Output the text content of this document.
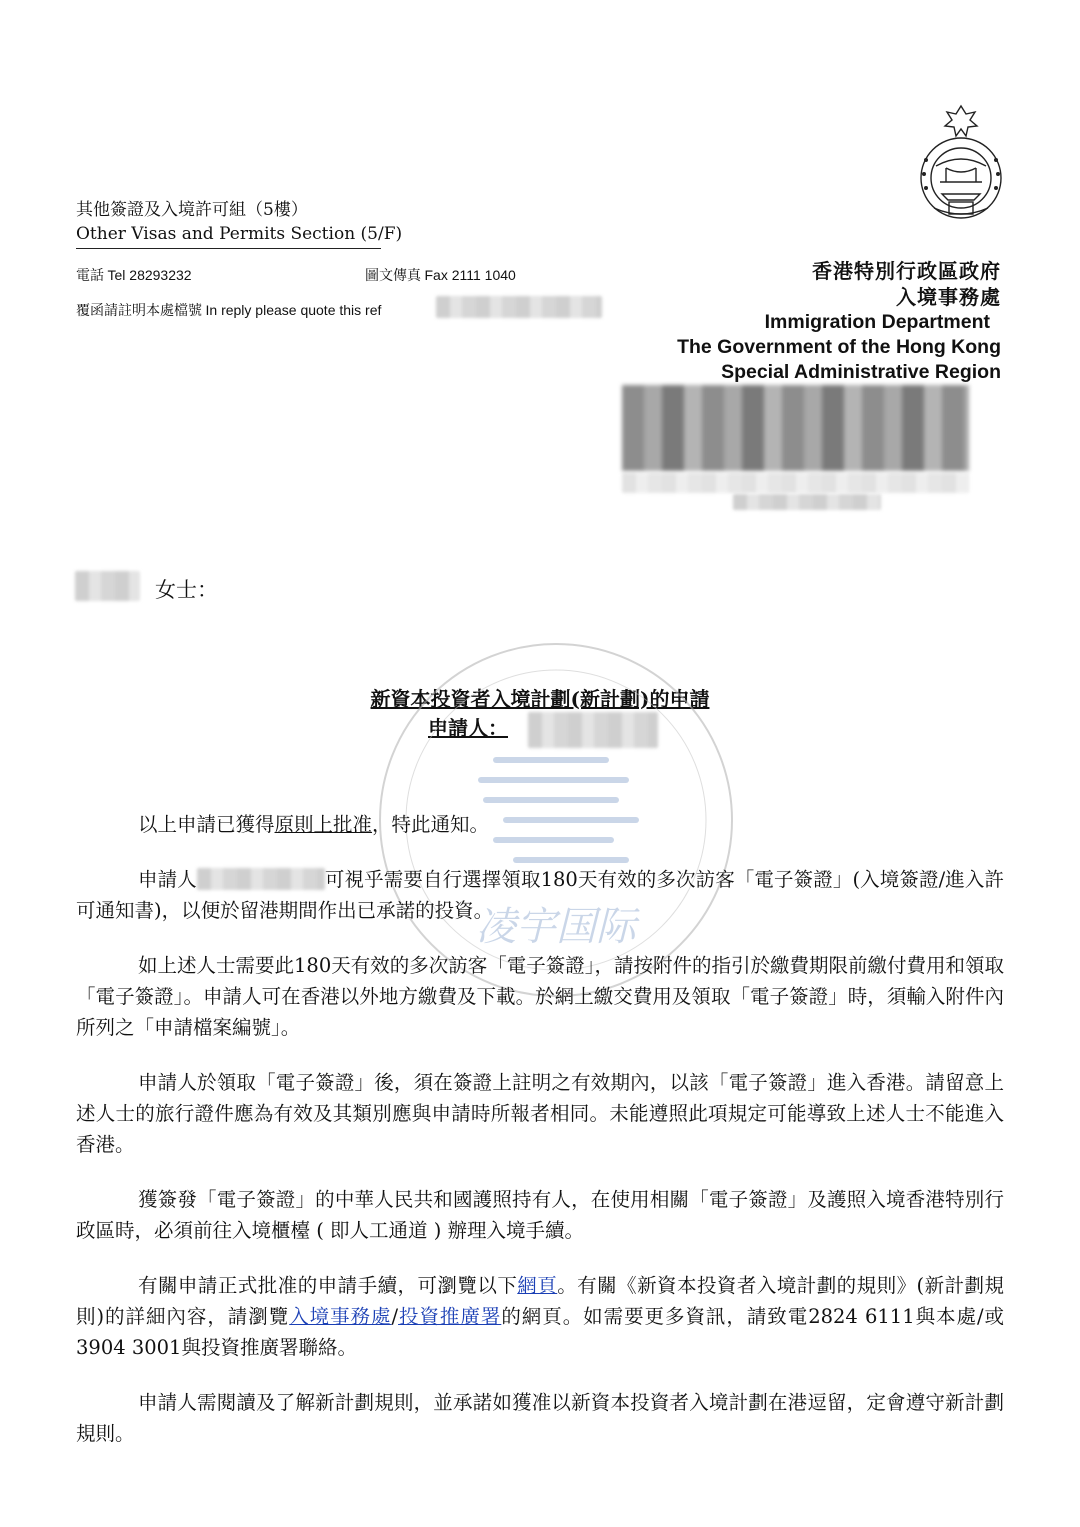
其他簽證及入境許可組（5樓）
Other Visas and Permits Section (5/F)
電話 Tel 28293232	圖文傳真 Fax 2111 1040
覆函請註明本處檔號 In reply please quote this ref
香港特別行政區政府
入境事務處
Immigration Department
The Government of the Hong Kong
Special Administrative Region
女士：
新資本投資者入境計劃(新計劃)的申請
申請人：
凌宇国际

以上申請已獲得原則上批准，特此通知。

申請人	可視乎需要自行選擇領取180天有效的多次訪客「電子簽證」(入境簽證/進入許可通知書)，以便於留港期間作出已承諾的投資。

如上述人士需要此180天有效的多次訪客「電子簽證」，請按附件的指引於繳費期限前繳付費用和領取「電子簽證」。申請人可在香港以外地方繳費及下載。於網上繳交費用及領取「電子簽證」時，須輸入附件內所列之「申請檔案編號」。

申請人於領取「電子簽證」後，須在簽證上註明之有效期內，以該「電子簽證」進入香港。請留意上述人士的旅行證件應為有效及其類別應與申請時所報者相同。未能遵照此項規定可能導致上述人士不能進入香港。

獲簽發「電子簽證」的中華人民共和國護照持有人，在使用相關「電子簽證」及護照入境香港特別行政區時，必須前往入境櫃檯 ( 即人工通道 ) 辦理入境手續。

有關申請正式批准的申請手續，可瀏覽以下網頁。有關《新資本投資者入境計劃的規則》(新計劃規則)的詳細內容，請瀏覽入境事務處/投資推廣署的網頁。如需要更多資訊，請致電2824 6111與本處/或3904 3001與投資推廣署聯絡。

申請人需閱讀及了解新計劃規則，並承諾如獲准以新資本投資者入境計劃在港逗留，定會遵守新計劃規則。
